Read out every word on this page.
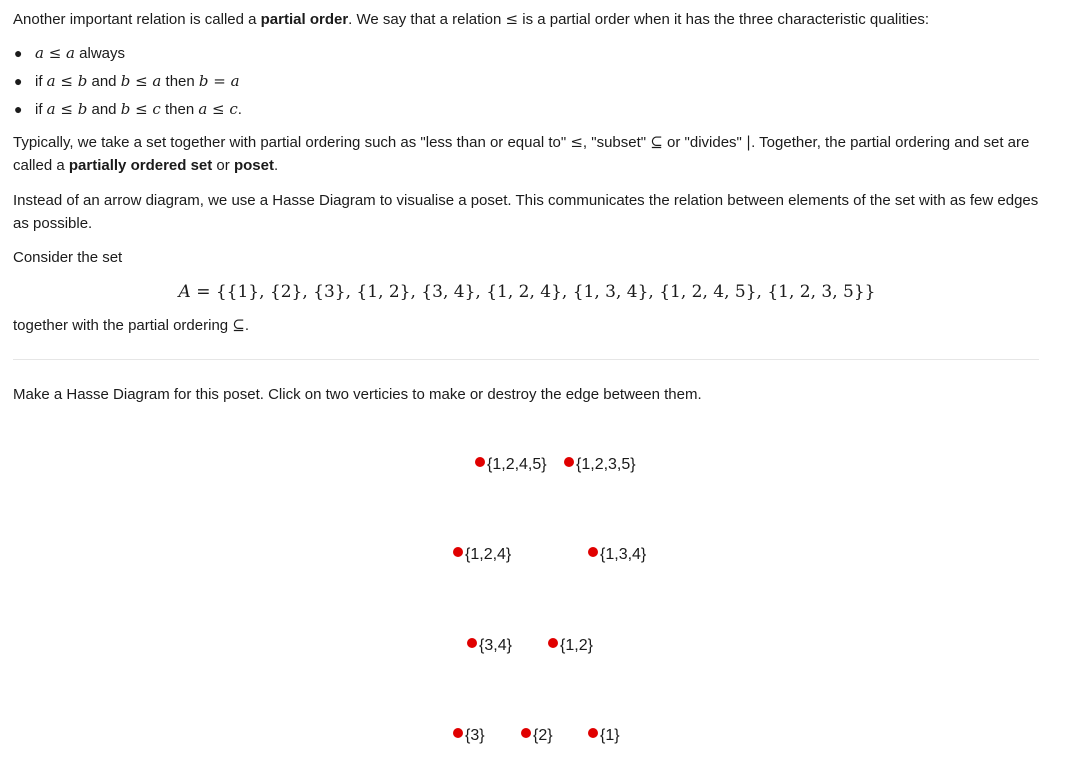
Another important relation is called a partial order. We say that a relation ≤ is a partial order when it has the three characteristic qualities:

● a ≤ a always
● if a ≤ b and b ≤ a then b = a
● if a ≤ b and b ≤ c then a ≤ c.

Typically, we take a set together with partial ordering such as "less than or equal to" ≤, "subset" ⊆ or "divides" |. Together, the partial ordering and set are called a partially ordered set or poset.

Instead of an arrow diagram, we use a Hasse Diagram to visualise a poset. This communicates the relation between elements of the set with as few edges as possible.

Consider the set

A = {{1}, {2}, {3}, {1, 2}, {3, 4}, {1, 2, 4}, {1, 3, 4}, {1, 2, 4, 5}, {1, 2, 3, 5}}

together with the partial ordering ⊆.

Make a Hasse Diagram for this poset. Click on two verticies to make or destroy the edge between them.

{1,2,4,5} {1,2,3,5}
{1,2,4}	{1,3,4}
{3,4}	{1,2}
{3}	{2}	{1}
